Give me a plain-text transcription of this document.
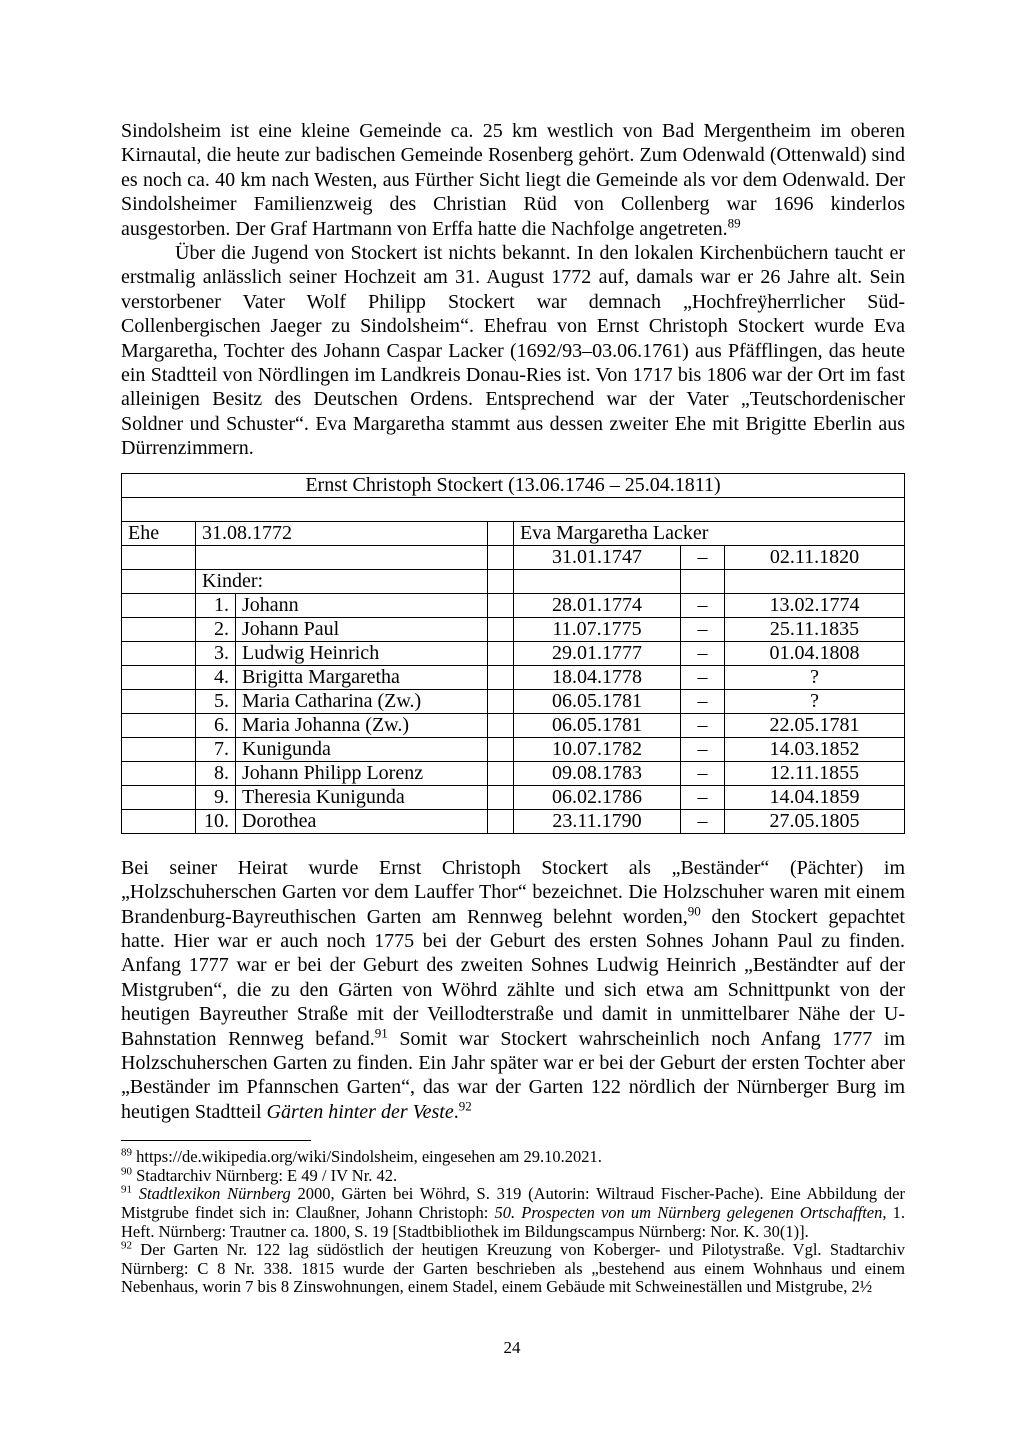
Sindolsheim ist eine kleine Gemeinde ca. 25 km westlich von Bad Mergentheim im oberen Kirnautal, die heute zur badischen Gemeinde Rosenberg gehört. Zum Odenwald (Ottenwald) sind es noch ca. 40 km nach Westen, aus Fürther Sicht liegt die Gemeinde als vor dem Odenwald. Der Sindolsheimer Familienzweig des Christian Rüd von Collenberg war 1696 kinderlos ausgestorben. Der Graf Hartmann von Erffa hatte die Nachfolge angetreten.$^{89}$

Über die Jugend von Stockert ist nichts bekannt. In den lokalen Kirchenbüchern taucht er erstmalig anlässlich seiner Hochzeit am 31. August 1772 auf, damals war er 26 Jahre alt. Sein verstorbener Vater Wolf Philipp Stockert war demnach „Hochfreÿherrlicher Süd-Collenbergischen Jaeger zu Sindolsheim“. Ehefrau von Ernst Christoph Stockert wurde Eva Margaretha, Tochter des Johann Caspar Lacker (1692/93–03.06.1761) aus Pfäfflingen, das heute ein Stadtteil von Nördlingen im Landkreis Donau-Ries ist. Von 1717 bis 1806 war der Ort im fast alleinigen Besitz des Deutschen Ordens. Entsprechend war der Vater „Teutschordenischer Soldner und Schuster“. Eva Margaretha stammt aus dessen zweiter Ehe mit Brigitte Eberlin aus Dürrenzimmern.

Ernst Christoph Stockert (13.06.1746 – 25.04.1811)						

Ehe	31.08.1772			Eva Margaretha Lacker		
				31.01.1747	–	02.11.1820
	Kinder:					
	1.	Johann		28.01.1774	–	13.02.1774
	2.	Johann Paul		11.07.1775	–	25.11.1835
	3.	Ludwig Heinrich		29.01.1777	–	01.04.1808
	4.	Brigitta Margaretha		18.04.1778	–	?
	5.	Maria Catharina (Zw.)		06.05.1781	–	?
	6.	Maria Johanna (Zw.)		06.05.1781	–	22.05.1781
	7.	Kunigunda		10.07.1782	–	14.03.1852
	8.	Johann Philipp Lorenz		09.08.1783	–	12.11.1855
	9.	Theresia Kunigunda		06.02.1786	–	14.04.1859
	10.	Dorothea		23.11.1790	–	27.05.1805

Bei seiner Heirat wurde Ernst Christoph Stockert als „Beständer“ (Pächter) im „Holzschuherschen Garten vor dem Lauffer Thor“ bezeichnet. Die Holzschuher waren mit einem Brandenburg-Bayreuthischen Garten am Rennweg belehnt worden,$^{90}$ den Stockert gepachtet hatte. Hier war er auch noch 1775 bei der Geburt des ersten Sohnes Johann Paul zu finden. Anfang 1777 war er bei der Geburt des zweiten Sohnes Ludwig Heinrich „Beständter auf der Mistgruben“, die zu den Gärten von Wöhrd zählte und sich etwa am Schnittpunkt von der heutigen Bayreuther Straße mit der Veillodterstraße und damit in unmittelbarer Nähe der U-Bahnstation Rennweg befand.$^{91}$ Somit war Stockert wahrscheinlich noch Anfang 1777 im Holzschuherschen Garten zu finden. Ein Jahr später war er bei der Geburt der ersten Tochter aber „Beständer im Pfannschen Garten“, das war der Garten 122 nördlich der Nürnberger Burg im heutigen Stadtteil Gärten hinter der Veste.$^{92}$

$^{89}$ https://de.wikipedia.org/wiki/Sindolsheim, eingesehen am 29.10.2021.

$^{90}$ Stadtarchiv Nürnberg: E 49 / IV Nr. 42.

$^{91}$ Stadtlexikon Nürnberg 2000, Gärten bei Wöhrd, S. 319 (Autorin: Wiltraud Fischer-Pache). Eine Abbildung der Mistgrube findet sich in: Claußner, Johann Christoph: 50. Prospecten von um Nürnberg gelegenen Ortschafften, 1. Heft. Nürnberg: Trautner ca. 1800, S. 19 [Stadtbibliothek im Bildungscampus Nürnberg: Nor. K. 30(1)].

$^{92}$ Der Garten Nr. 122 lag südöstlich der heutigen Kreuzung von Koberger- und Pilotystraße. Vgl. Stadtarchiv Nürnberg: C 8 Nr. 338. 1815 wurde der Garten beschrieben als „bestehend aus einem Wohnhaus und einem Nebenhaus, worin 7 bis 8 Zinswohnungen, einem Stadel, einem Gebäude mit Schweineställen und Mistgrube, 2½

24
